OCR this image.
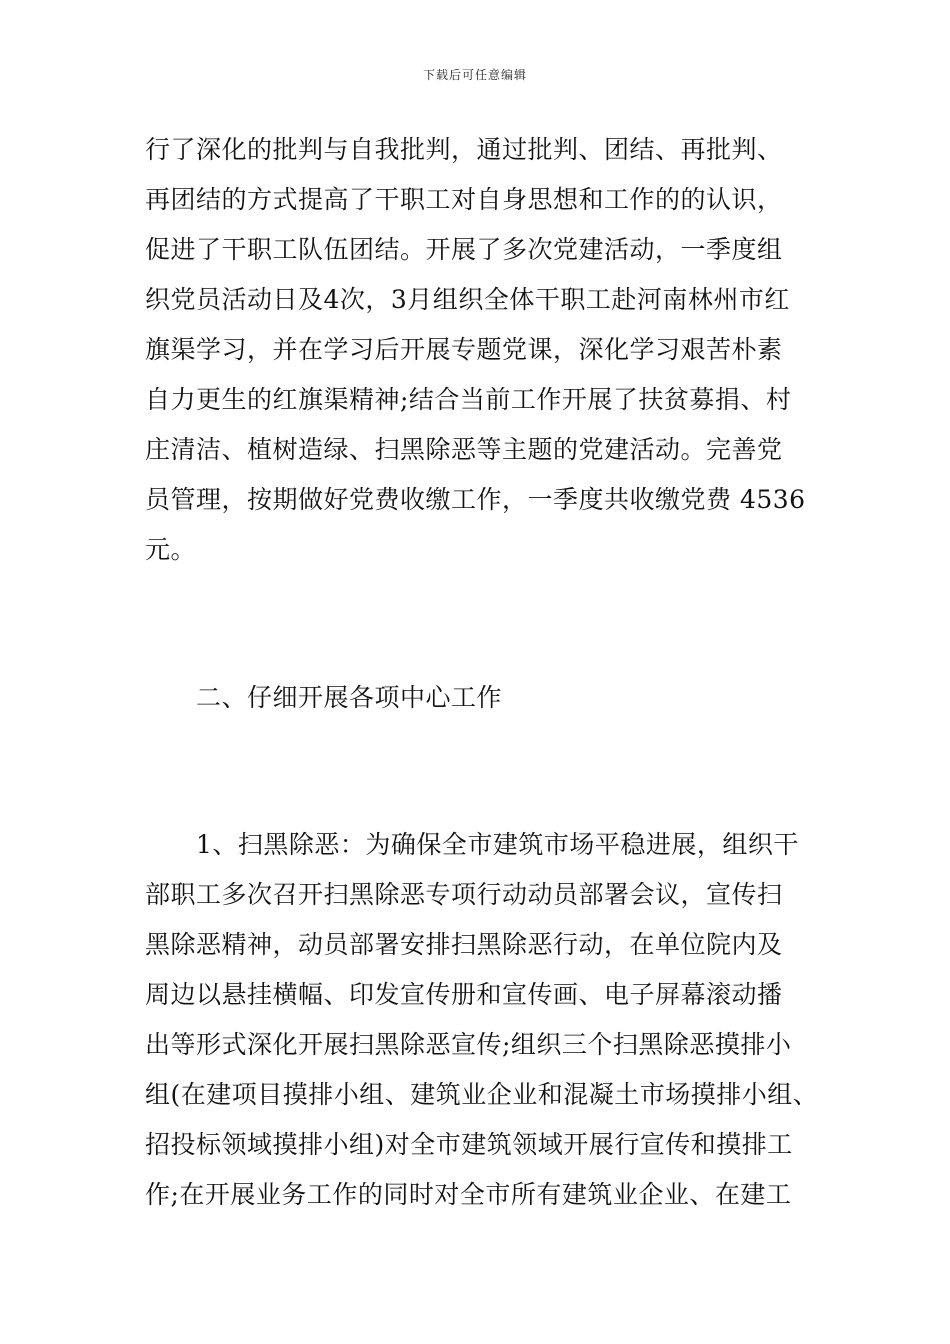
下载后可任意编辑
行了深化的批判与自我批判，通过批判、团结、再批判、
再团结的方式提高了干职工对自身思想和工作的的认识，
促进了干职工队伍团结。开展了多次党建活动，一季度组
织党员活动日及4次，3月组织全体干职工赴河南林州市红
旗渠学习，并在学习后开展专题党课，深化学习艰苦朴素
自力更生的红旗渠精神;结合当前工作开展了扶贫募捐、村
庄清洁、植树造绿、扫黑除恶等主题的党建活动。完善党
员管理，按期做好党费收缴工作，一季度共收缴党费 4536
元。
　　二、仔细开展各项中心工作
　　1、扫黑除恶：为确保全市建筑市场平稳进展，组织干
部职工多次召开扫黑除恶专项行动动员部署会议，宣传扫
黑除恶精神，动员部署安排扫黑除恶行动，在单位院内及
周边以悬挂横幅、印发宣传册和宣传画、电子屏幕滚动播
出等形式深化开展扫黑除恶宣传;组织三个扫黑除恶摸排小
组(在建项目摸排小组、建筑业企业和混凝土市场摸排小组、
招投标领域摸排小组)对全市建筑领域开展行宣传和摸排工
作;在开展业务工作的同时对全市所有建筑业企业、在建工
